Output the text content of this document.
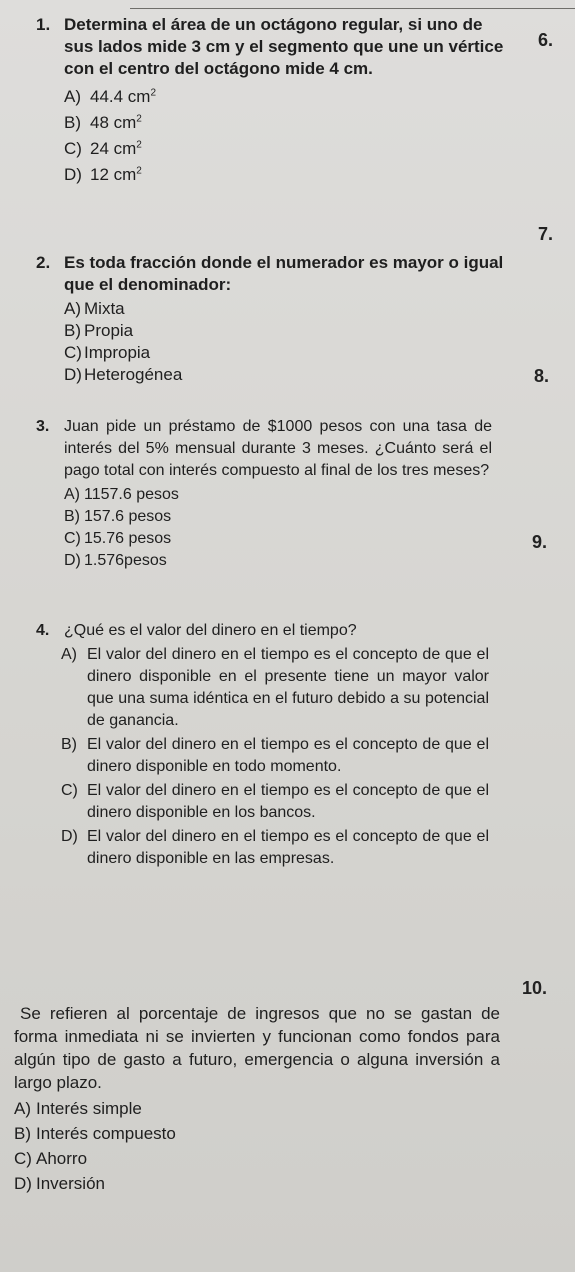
1. Determina el área de un octágono regular, si uno de sus lados mide 3 cm y el segmento que une un vértice con el centro del octágono mide 4 cm.
A) 44.4 $cm^2$
B) 48 $cm^2$
C) 24 $cm^2$
D) 12 $cm^2$
2. Es toda fracción donde el numerador es mayor o igual que el denominador:
A) Mixta
B) Propia
C) Impropia
D) Heterogénea
3. Juan pide un préstamo de $1000 pesos con una tasa de interés del 5% mensual durante 3 meses. ¿Cuánto será el pago total con interés compuesto al final de los tres meses?
A) 1157.6 pesos
B) 157.6 pesos
C) 15.76 pesos
D) 1.576pesos
4. ¿Qué es el valor del dinero en el tiempo?
A) El valor del dinero en el tiempo es el concepto de que el dinero disponible en el presente tiene un mayor valor que una suma idéntica en el futuro debido a su potencial de ganancia.
B) El valor del dinero en el tiempo es el concepto de que el dinero disponible en todo momento.
C) El valor del dinero en el tiempo es el concepto de que el dinero disponible en los bancos.
D) El valor del dinero en el tiempo es el concepto de que el dinero disponible en las empresas.
Se refieren al porcentaje de ingresos que no se gastan de forma inmediata ni se invierten y funcionan como fondos para algún tipo de gasto a futuro, emergencia o alguna inversión a largo plazo.
A) Interés simple
B) Interés compuesto
C) Ahorro
D) Inversión
6.
7.
8.
9.
10.
